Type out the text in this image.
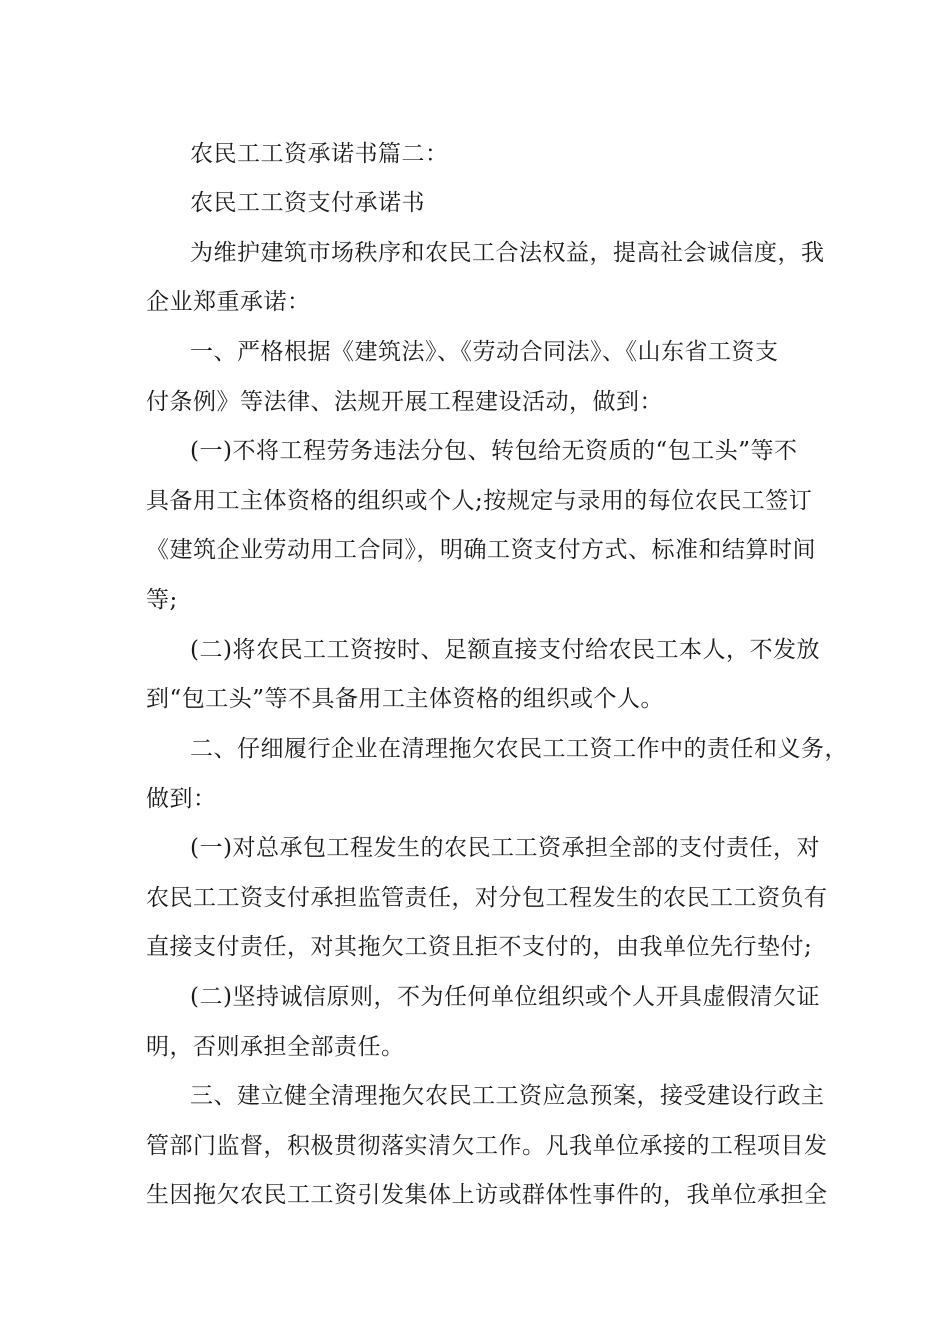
农民工工资承诺书篇二：
农民工工资支付承诺书
为维护建筑市场秩序和农民工合法权益，提高社会诚信度，我
企业郑重承诺：
一、严格根据《建筑法》、《劳动合同法》、《山东省工资支
付条例》等法律、法规开展工程建设活动，做到：
(一)不将工程劳务违法分包、转包给无资质的“包工头”等不
具备用工主体资格的组织或个人;按规定与录用的每位农民工签订
《建筑企业劳动用工合同》，明确工资支付方式、标准和结算时间
等;
(二)将农民工工资按时、足额直接支付给农民工本人，不发放
到“包工头”等不具备用工主体资格的组织或个人。
二、仔细履行企业在清理拖欠农民工工资工作中的责任和义务，
做到：
(一)对总承包工程发生的农民工工资承担全部的支付责任，对
农民工工资支付承担监管责任，对分包工程发生的农民工工资负有
直接支付责任，对其拖欠工资且拒不支付的，由我单位先行垫付;
(二)坚持诚信原则，不为任何单位组织或个人开具虚假清欠证
明，否则承担全部责任。
三、建立健全清理拖欠农民工工资应急预案，接受建设行政主
管部门监督，积极贯彻落实清欠工作。凡我单位承接的工程项目发
生因拖欠农民工工资引发集体上访或群体性事件的，我单位承担全
